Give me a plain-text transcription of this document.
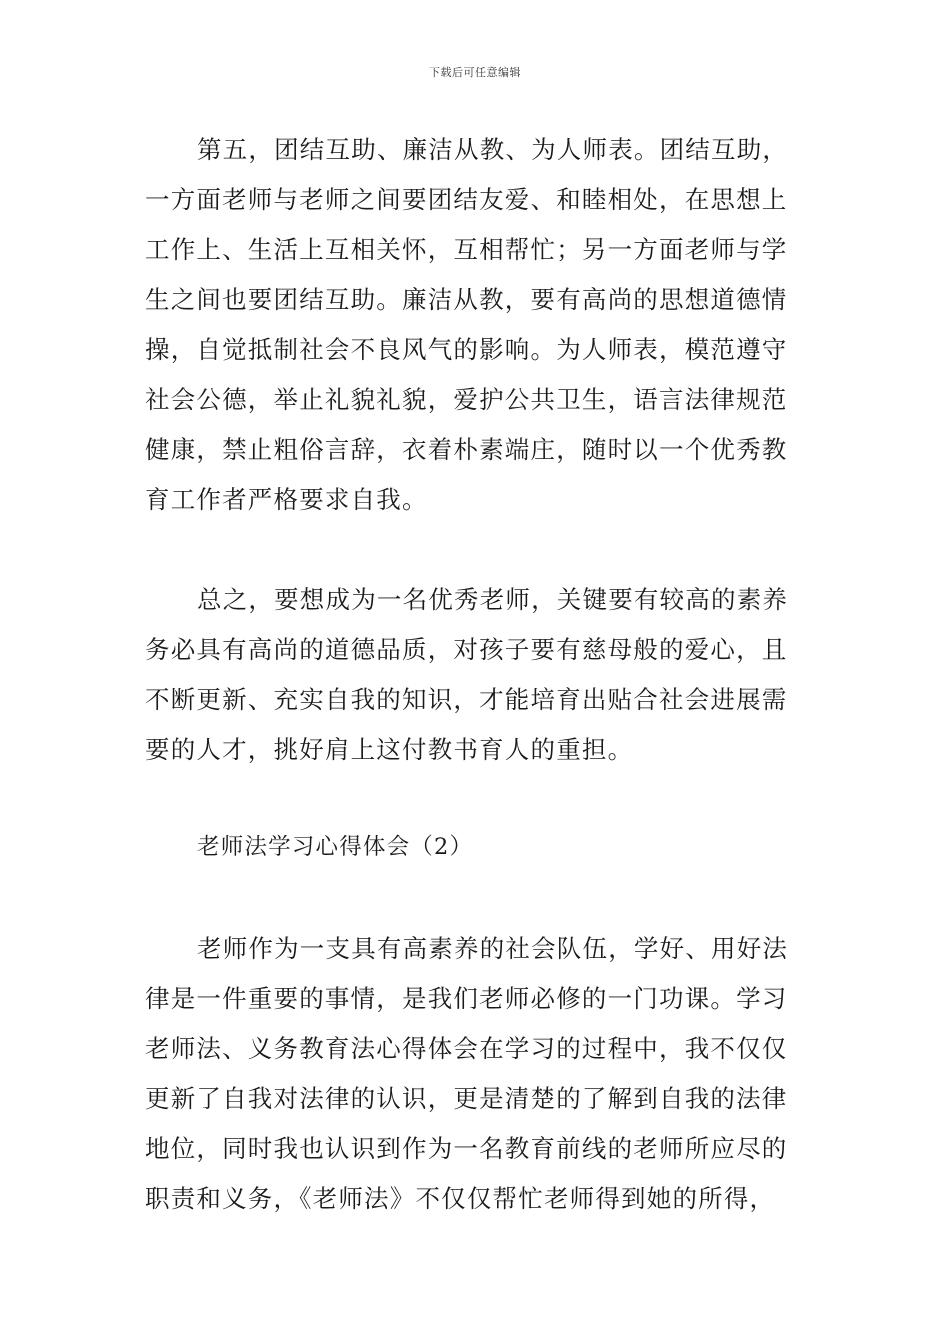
下载后可任意编辑
第五，团结互助、廉洁从教、为人师表。团结互助，
一方面老师与老师之间要团结友爱、和睦相处，在思想上
工作上、生活上互相关怀，互相帮忙；另一方面老师与学
生之间也要团结互助。廉洁从教，要有高尚的思想道德情
操，自觉抵制社会不良风气的影响。为人师表，模范遵守
社会公德，举止礼貌礼貌，爱护公共卫生，语言法律规范
健康，禁止粗俗言辞，衣着朴素端庄，随时以一个优秀教
育工作者严格要求自我。
总之，要想成为一名优秀老师，关键要有较高的素养
务必具有高尚的道德品质，对孩子要有慈母般的爱心，且
不断更新、充实自我的知识，才能培育出贴合社会进展需
要的人才，挑好肩上这付教书育人的重担。
老师法学习心得体会（2）
老师作为一支具有高素养的社会队伍，学好、用好法
律是一件重要的事情，是我们老师必修的一门功课。学习
老师法、义务教育法心得体会在学习的过程中，我不仅仅
更新了自我对法律的认识，更是清楚的了解到自我的法律
地位，同时我也认识到作为一名教育前线的老师所应尽的
职责和义务，《老师法》不仅仅帮忙老师得到她的所得，
